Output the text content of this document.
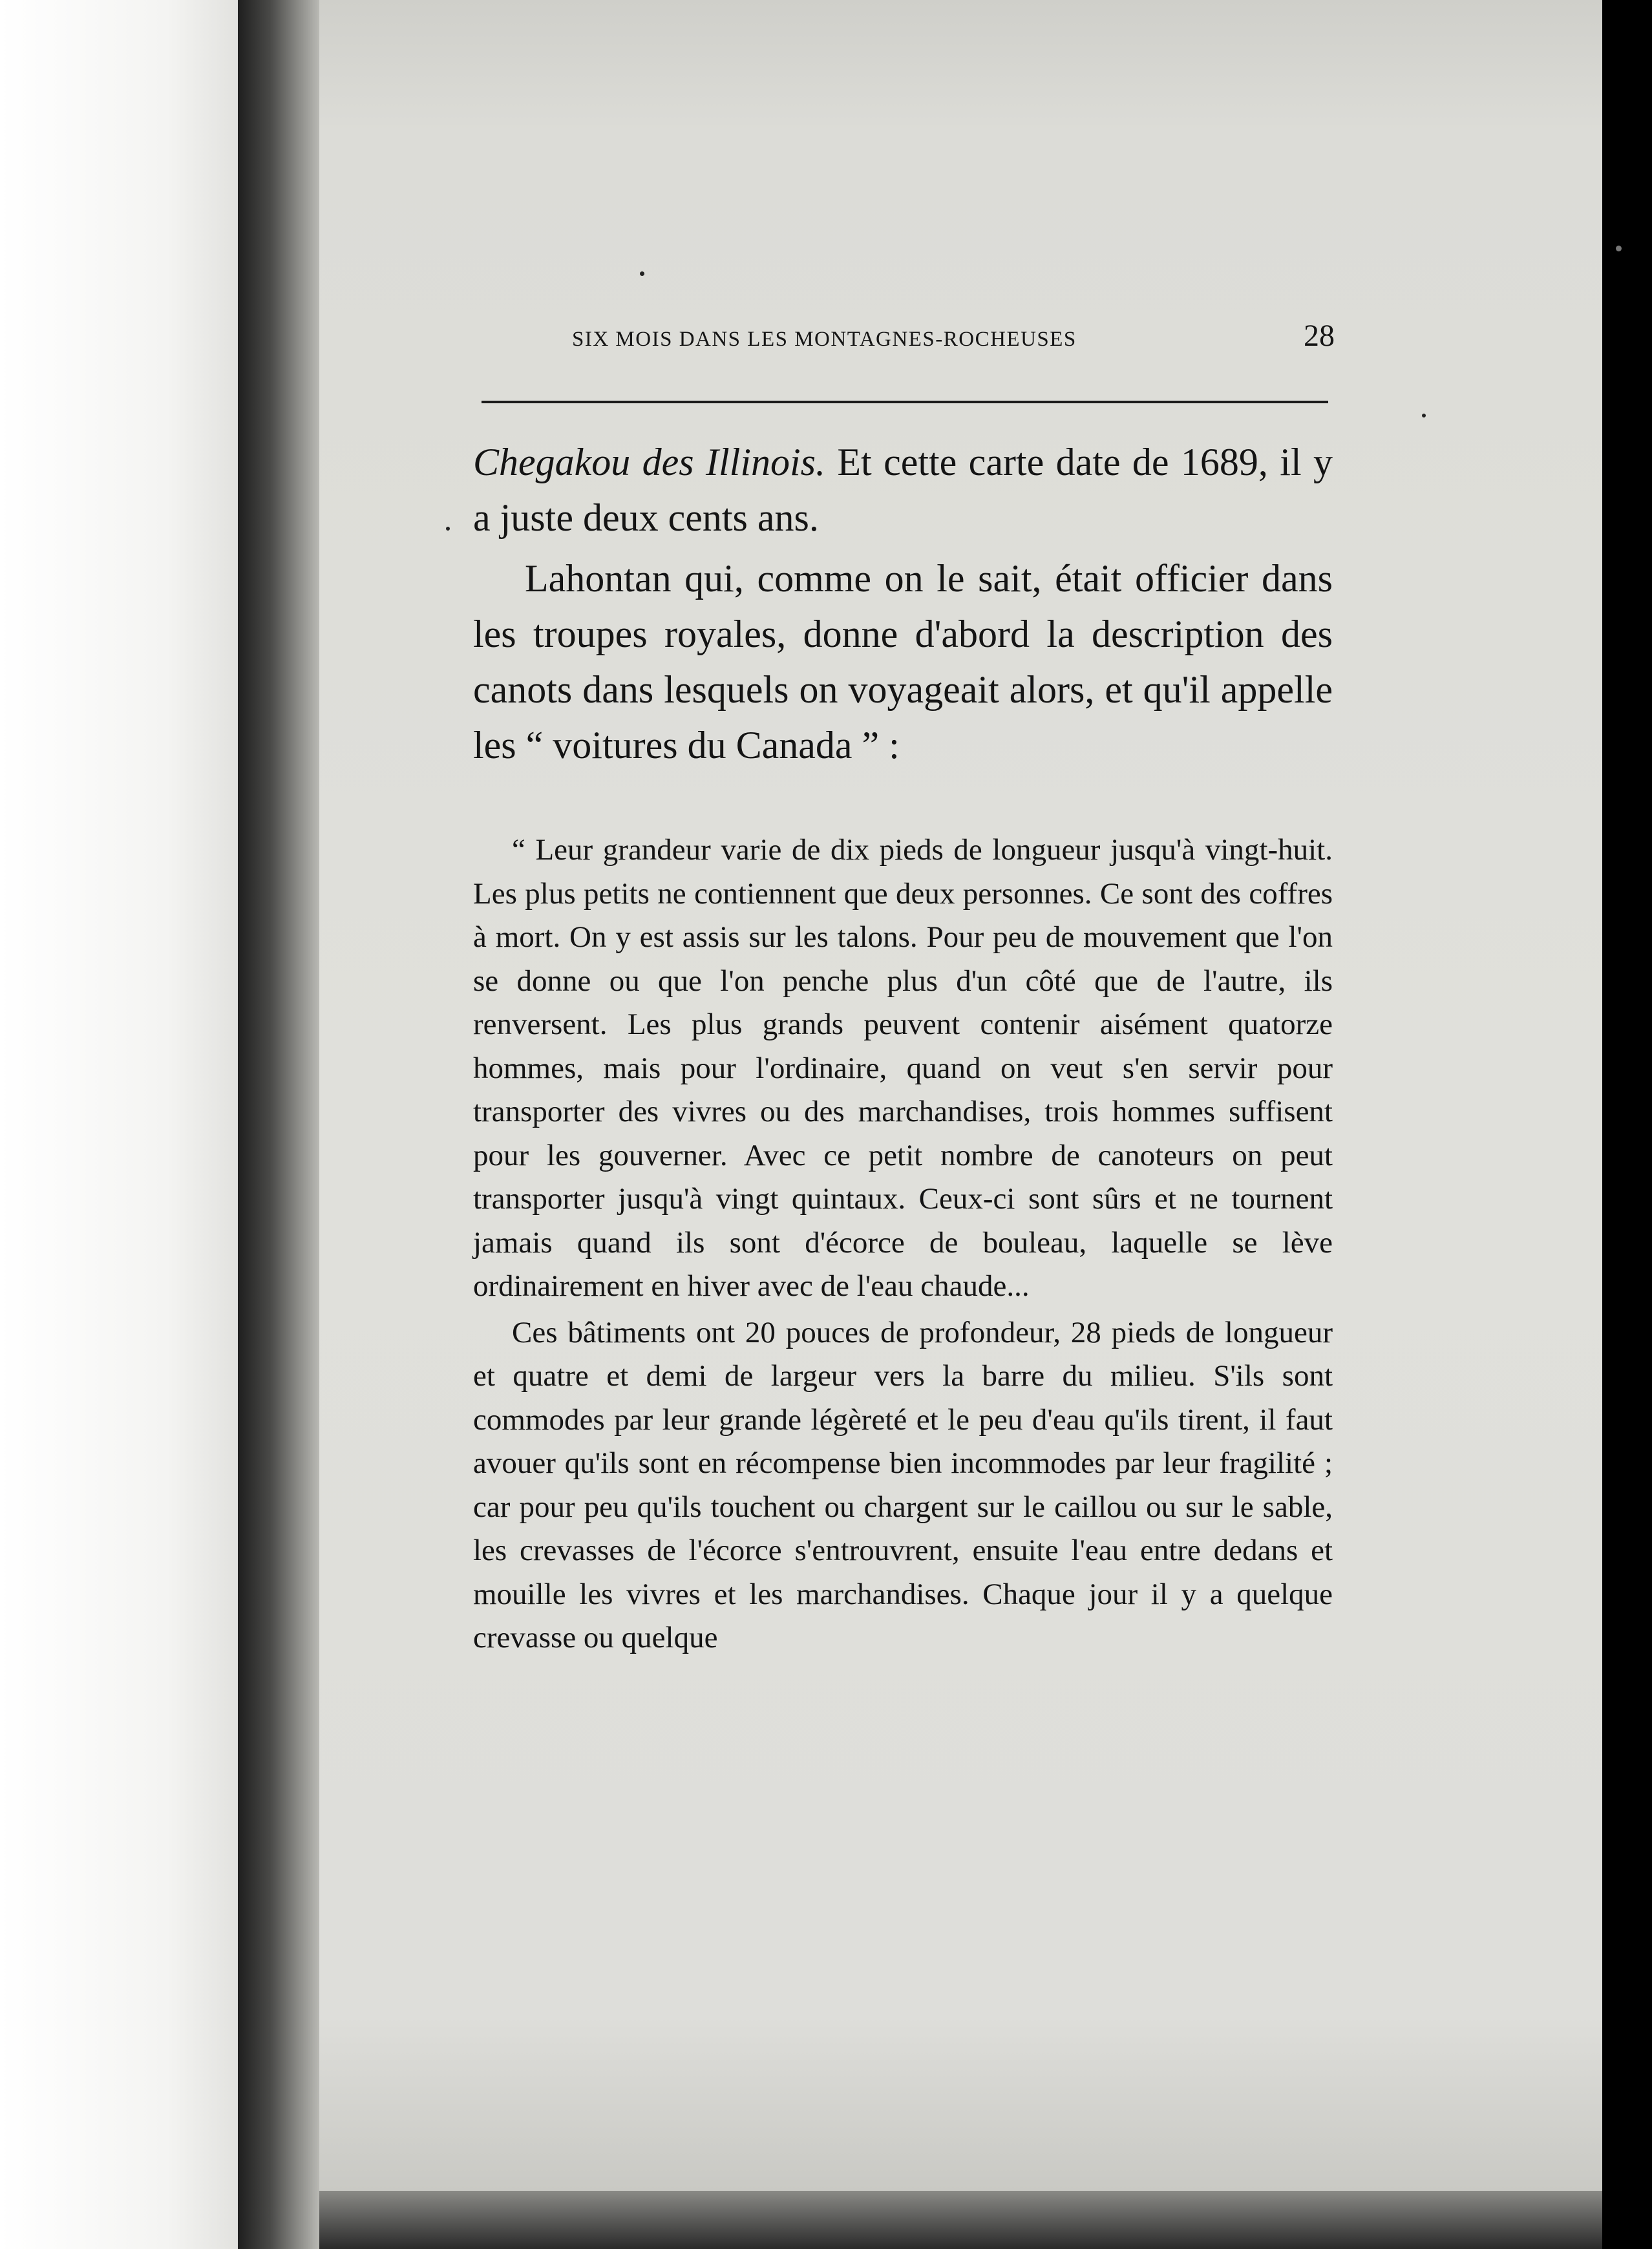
SIX MOIS DANS LES MONTAGNES-ROCHEUSES	28

Chegakou des Illinois. Et cette carte date de 1689, il y a juste deux cents ans.

Lahontan qui, comme on le sait, était officier dans les troupes royales, donne d'abord la description des canots dans lesquels on voyageait alors, et qu'il appelle les “ voitures du Canada ” :

“ Leur grandeur varie de dix pieds de longueur jusqu'à vingt-huit. Les plus petits ne contiennent que deux personnes. Ce sont des coffres à mort. On y est assis sur les talons. Pour peu de mouvement que l'on se donne ou que l'on penche plus d'un côté que de l'autre, ils renversent. Les plus grands peuvent contenir aisément quatorze hommes, mais pour l'ordinaire, quand on veut s'en servir pour transporter des vivres ou des marchandises, trois hommes suffisent pour les gouverner. Avec ce petit nombre de canoteurs on peut transporter jusqu'à vingt quintaux. Ceux-ci sont sûrs et ne tournent jamais quand ils sont d'écorce de bouleau, laquelle se lève ordinairement en hiver avec de l'eau chaude...

Ces bâtiments ont 20 pouces de profondeur, 28 pieds de longueur et quatre et demi de largeur vers la barre du milieu. S'ils sont commodes par leur grande légèreté et le peu d'eau qu'ils tirent, il faut avouer qu'ils sont en récompense bien incommodes par leur fragilité ; car pour peu qu'ils touchent ou chargent sur le caillou ou sur le sable, les crevasses de l'écorce s'entrouvrent, ensuite l'eau entre dedans et mouille les vivres et les marchandises. Chaque jour il y a quelque crevasse ou quelque
